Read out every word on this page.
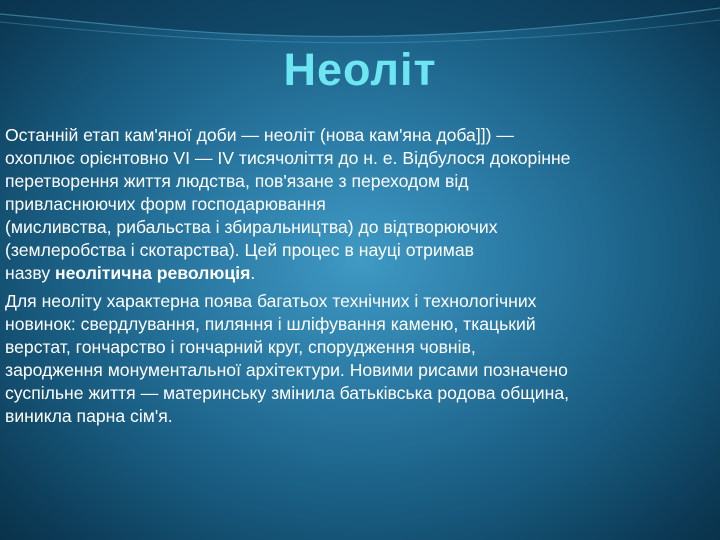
Неоліт
Останній етап кам'яної доби — неоліт (нова кам'яна доба]]) —
охоплює орієнтовно VI — IV тисячоліття до н. е. Відбулося докорінне
перетворення життя людства, пов'язане з переходом від
привласнюючих форм господарювання
(мисливства, рибальства і збиральництва) до відтворюючих
(землеробства і скотарства). Цей процес в науці отримав
назву неолітична революція.
Для неоліту характерна поява багатьох технічних і технологічних
новинок: свердлування, пиляння і шліфування каменю, ткацький
верстат, гончарство і гончарний круг, спорудження човнів,
зародження монументальної архітектури. Новими рисами позначено
суспільне життя — материнську змінила батьківська родова община,
виникла парна сім'я.
